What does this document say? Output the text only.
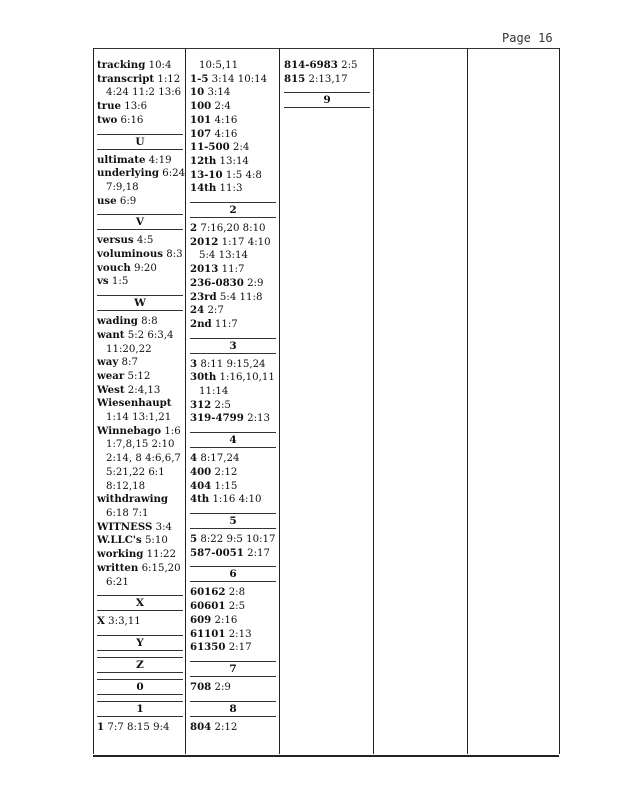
Page 16
tracking 10:4
transcript 1:12
4:24 11:2 13:6
true 13:6
two 6:16
U
ultimate 4:19
underlying 6:24
7:9,18
use 6:9
V
versus 4:5
voluminous 8:3
vouch 9:20
vs 1:5
W
wading 8:8
want 5:2 6:3,4
11:20,22
way 8:7
wear 5:12
West 2:4,13
Wiesenhaupt
1:14 13:1,21
Winnebago 1:6
1:7,8,15 2:10
2:14, 8 4:6,6,7
5:21,22 6:1
8:12,18
withdrawing
6:18 7:1
WITNESS 3:4
W.LLC's 5:10
working 11:22
written 6:15,20
6:21
X
X 3:3,11
Y
Z
0
1
1 7:7 8:15 9:4
10:5,11
1-5 3:14 10:14
10 3:14
100 2:4
101 4:16
107 4:16
11-500 2:4
12th 13:14
13-10 1:5 4:8
14th 11:3
2
2 7:16,20 8:10
2012 1:17 4:10
5:4 13:14
2013 11:7
236-0830 2:9
23rd 5:4 11:8
24 2:7
2nd 11:7
3
3 8:11 9:15,24
30th 1:16,10,11
11:14
312 2:5
319-4799 2:13
4
4 8:17,24
400 2:12
404 1:15
4th 1:16 4:10
5
5 8:22 9:5 10:17
587-0051 2:17
6
60162 2:8
60601 2:5
609 2:16
61101 2:13
61350 2:17
7
708 2:9
8
804 2:12
814-6983 2:5
815 2:13,17
9
